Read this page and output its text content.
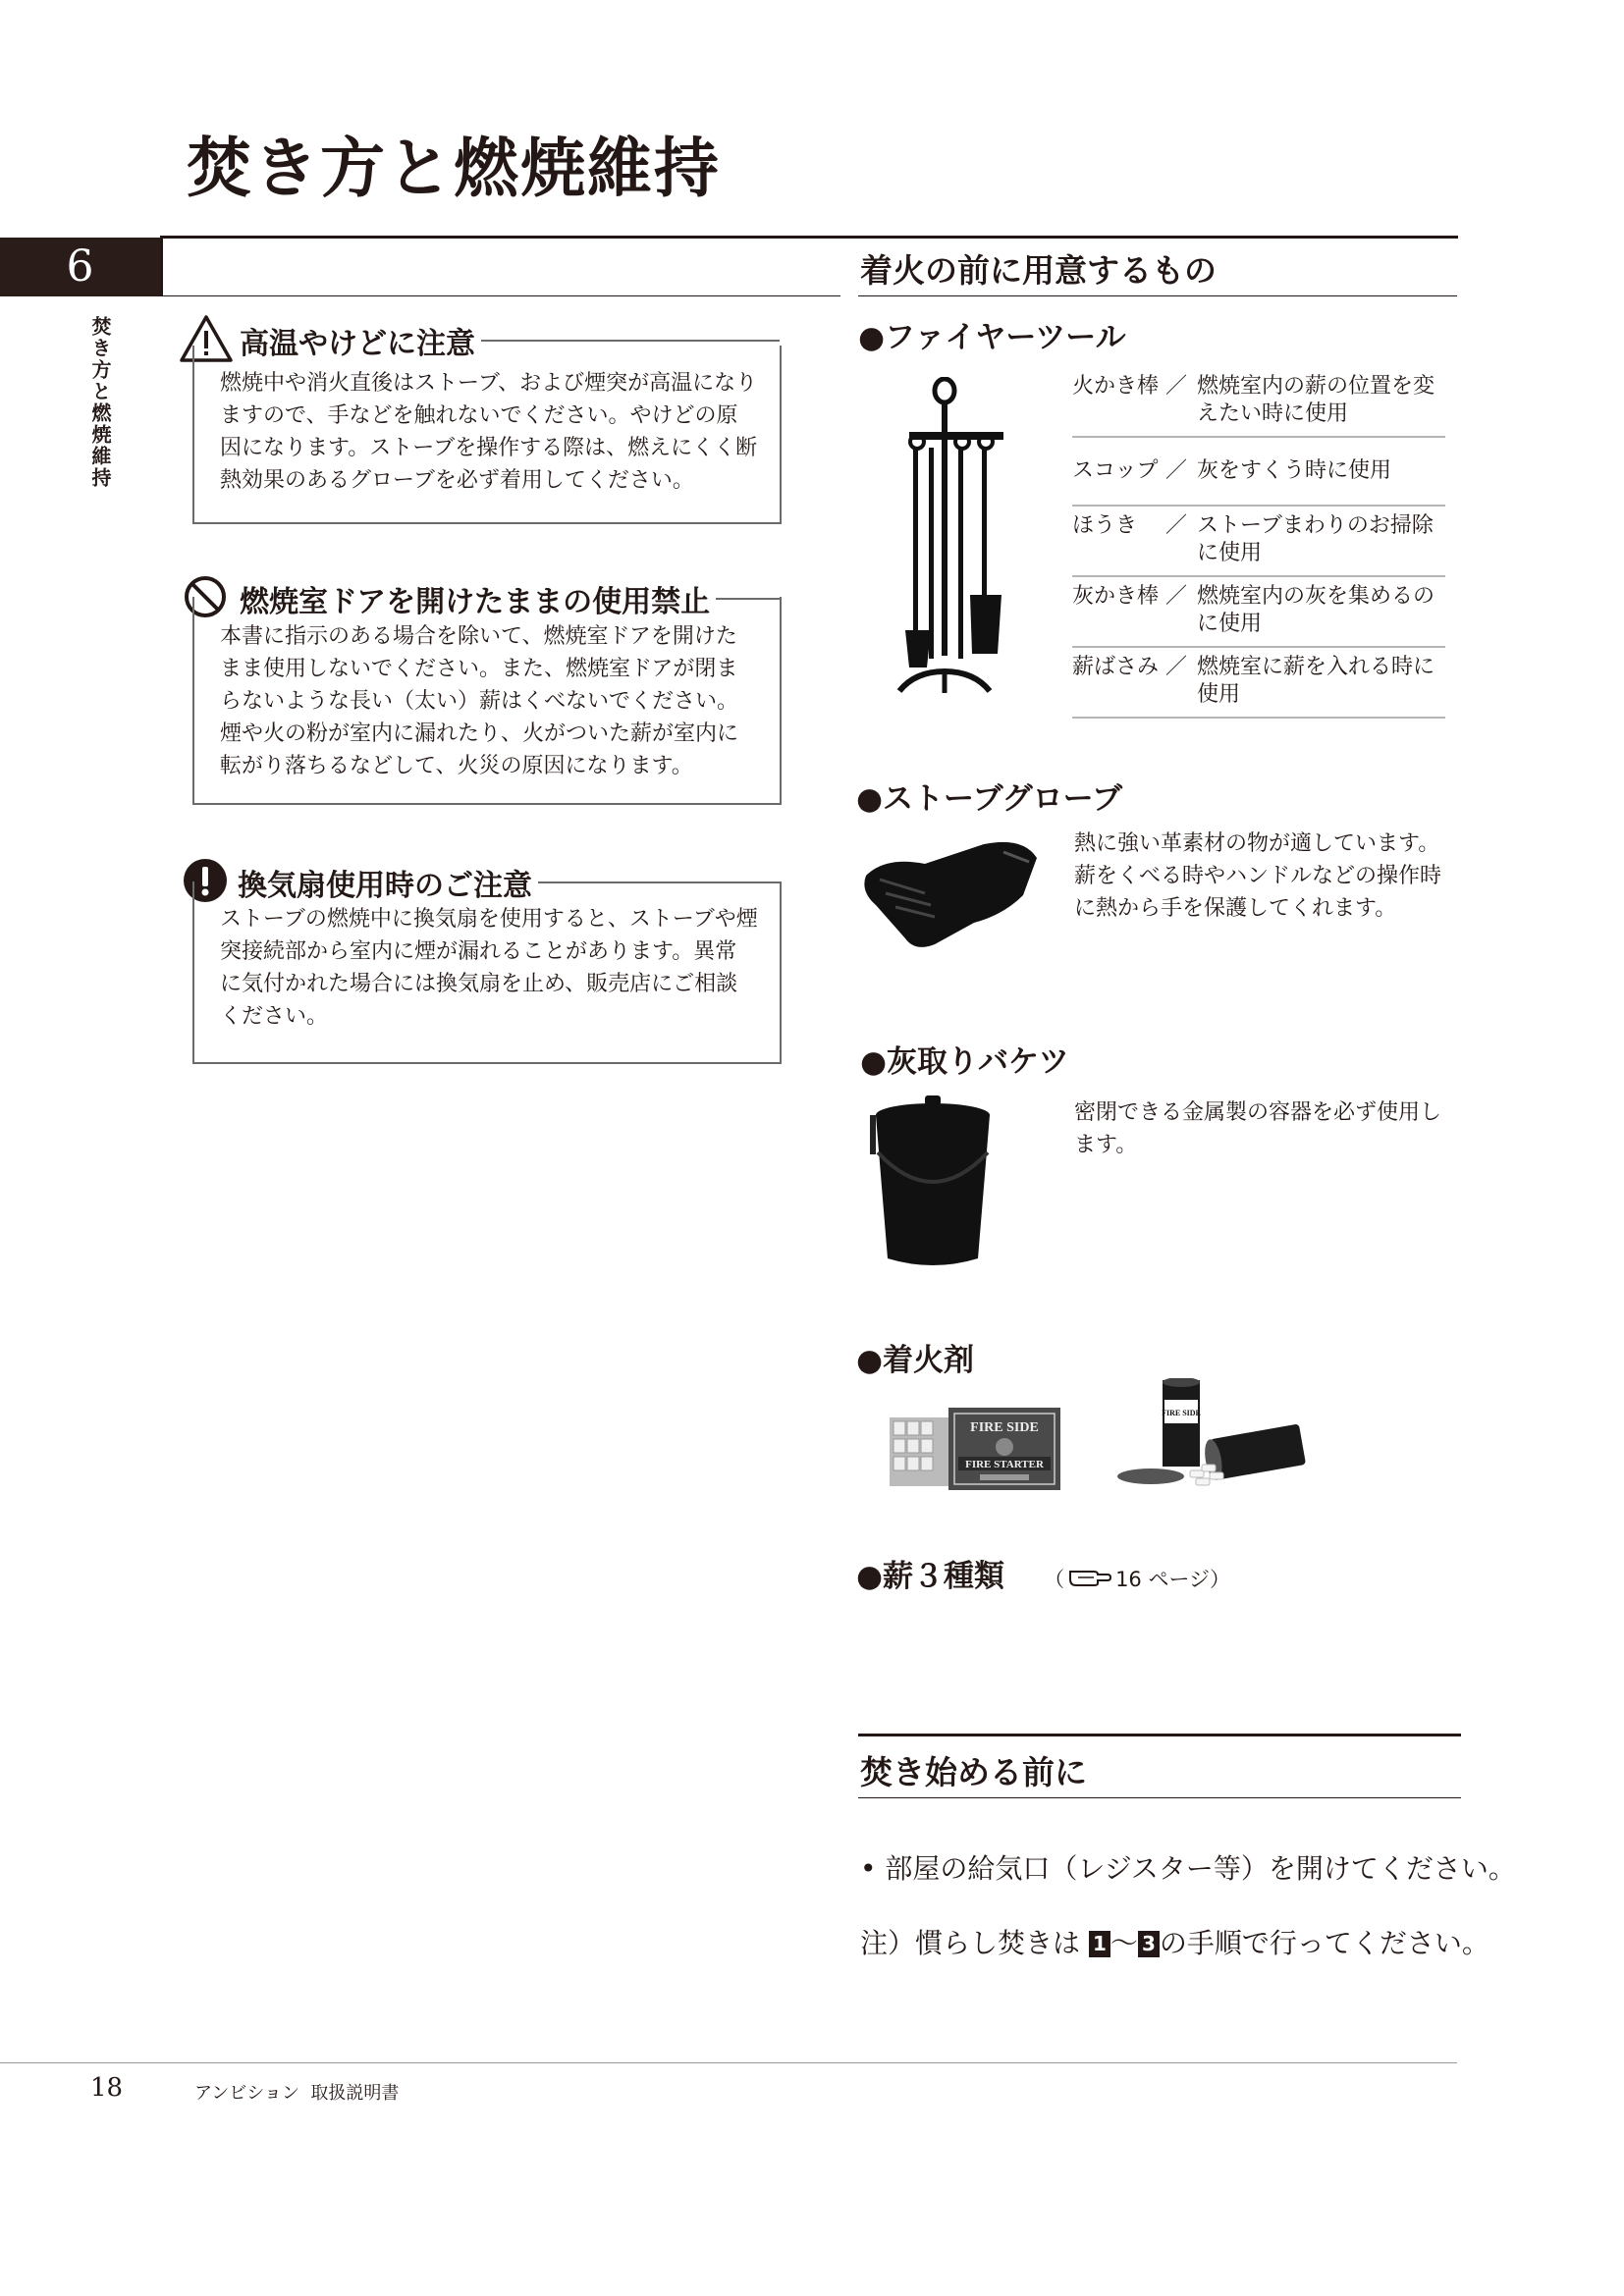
焚き方と燃焼維持
6
焚き方と燃焼維持	高温やけどに注意
燃焼中や消火直後はストーブ、および煙突が高温になりますので、手などを触れないでください。やけどの原因になります。ストーブを操作する際は、燃えにくく断熱効果のあるグローブを必ず着用してください。
燃焼室ドアを開けたままの使用禁止
本書に指示のある場合を除いて、燃焼室ドアを開けたまま使用しないでください。また、燃焼室ドアが閉まらないような長い（太い）薪はくべないでください。煙や火の粉が室内に漏れたり、火がついた薪が室内に転がり落ちるなどして、火災の原因になります。
換気扇使用時のご注意
ストーブの燃焼中に換気扇を使用すると、ストーブや煙突接続部から室内に煙が漏れることがあります。異常に気付かれた場合には換気扇を止め、販売店にご相談ください。
着火の前に用意するもの
●ファイヤーツール
火かき棒 ／ 燃焼室内の薪の位置を変えたい時に使用
スコップ ／ 灰をすくう時に使用
ほうき	／ ストーブまわりのお掃除に使用
灰かき棒 ／ 燃焼室内の灰を集めるのに使用
薪ばさみ ／ 燃焼室に薪を入れる時に使用
●ストーブグローブ
熱に強い革素材の物が適しています。薪をくべる時やハンドルなどの操作時に熱から手を保護してくれます。
●灰取りバケツ
密閉できる金属製の容器を必ず使用します。
●着火剤
FIRE SIDE
FIRE STARTER
FIRE SIDE
●薪３種類 （ 16 ページ）
焚き始める前に
• 部屋の給気口（レジスター等）を開けてください。
注）慣らし焚きは 1 ～ 3 の手順で行ってください。
18	アンビション  取扱説明書
